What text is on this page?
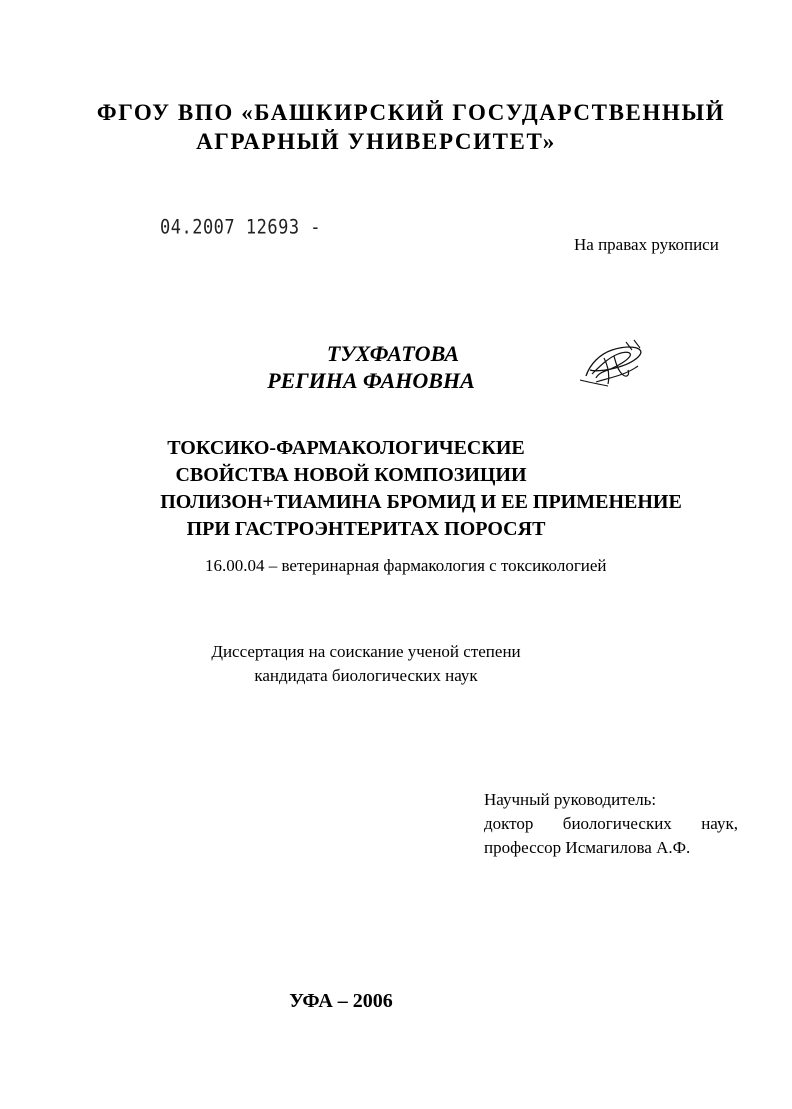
ФГОУ ВПО «БАШКИРСКИЙ ГОСУДАРСТВЕННЫЙ
АГРАРНЫЙ УНИВЕРСИТЕТ»
04.2007 12693 -
На правах рукописи
ТУХФАТОВА
РЕГИНА ФАНОВНА
ТОКСИКО-ФАРМАКОЛОГИЧЕСКИЕ
СВОЙСТВА НОВОЙ КОМПОЗИЦИИ
ПОЛИЗОН+ТИАМИНА БРОМИД И ЕЕ ПРИМЕНЕНИЕ
ПРИ ГАСТРОЭНТЕРИТАХ ПОРОСЯТ
16.00.04 – ветеринарная фармакология с токсикологией
Диссертация на соискание ученой степени
кандидата биологических наук
Научный руководитель:
доктор биологических наук,
профессор Исмагилова А.Ф.
УФА – 2006
